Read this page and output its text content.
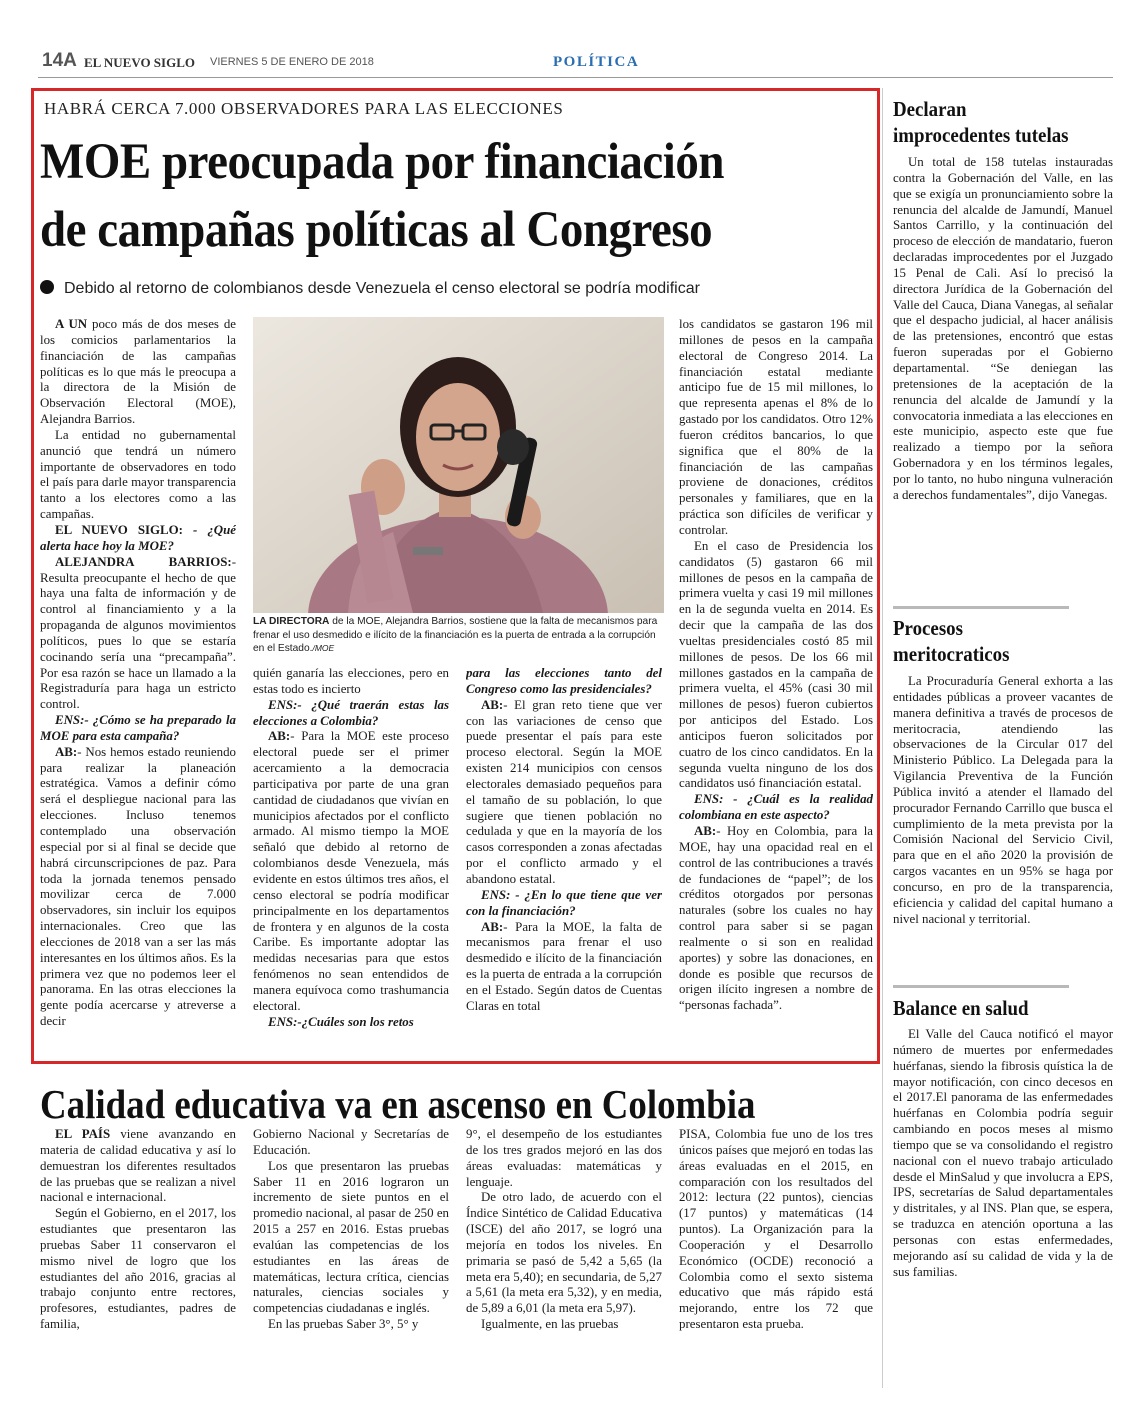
14A EL NUEVO SIGLO VIERNES 5 DE ENERO DE 2018	POLÍTICA
HABRÁ CERCA 7.000 OBSERVADORES PARA LAS ELECCIONES
MOE preocupada por financiación
de campañas políticas al Congreso
Debido al retorno de colombianos desde Venezuela el censo electoral se podría modificar

A UN poco más de dos meses de los comicios parlamentarios la financiación de las campañas políticas es lo que más le preocupa a la directora de la Misión de Observación Electoral (MOE), Alejandra Barrios.

La entidad no gubernamental anunció que tendrá un número importante de observadores en todo el país para darle mayor transparencia tanto a los electores como a las campañas.

EL NUEVO SIGLO: - ¿Qué alerta hace hoy la MOE?

ALEJANDRA BARRIOS:-Resulta preocupante el hecho de que haya una falta de información y de control al financiamiento y a la propaganda de algunos movimientos políticos, pues lo que se estaría cocinando sería una “precampaña”. Por esa razón se hace un llamado a la Registraduría para haga un estricto control.

ENS:- ¿Cómo se ha preparado la MOE para esta campaña?

AB:- Nos hemos estado reuniendo para realizar la planeación estratégica. Vamos a definir cómo será el despliegue nacional para las elecciones. Incluso tenemos contemplado una observación especial por si al final se decide que habrá circunscripciones de paz. Para toda la jornada tenemos pensado movilizar cerca de 7.000 observadores, sin incluir los equipos internacionales. Creo que las elecciones de 2018 van a ser las más interesantes en los últimos años. Es la primera vez que no podemos leer el panorama. En las otras elecciones la gente podía acercarse y atreverse a decir

LA DIRECTORA de la MOE, Alejandra Barrios, sostiene que la falta de mecanismos para frenar el uso desmedido e ilícito de la financiación es la puerta de entrada a la corrupción en el Estado./MOE

quién ganaría las elecciones, pero en estas todo es incierto

ENS:- ¿Qué traerán estas las elecciones a Colombia?

AB:- Para la MOE este proceso electoral puede ser el primer acercamiento a la democracia participativa por parte de una gran cantidad de ciudadanos que vivían en municipios afectados por el conflicto armado. Al mismo tiempo la MOE señaló que debido al retorno de colombianos desde Venezuela, más evidente en estos últimos tres años, el censo electoral se podría modificar principalmente en los departamentos de frontera y en algunos de la costa Caribe. Es importante adoptar las medidas necesarias para que estos fenómenos no sean entendidos de manera equívoca como trashumancia electoral.

ENS:-¿Cuáles son los retos

para las elecciones tanto del Congreso como las presidenciales?

AB:- El gran reto tiene que ver con las variaciones de censo que puede presentar el país para este proceso electoral. Según la MOE existen 214 municipios con censos electorales demasiado pequeños para el tamaño de su población, lo que sugiere que tienen población no cedulada y que en la mayoría de los casos corresponden a zonas afectadas por el conflicto armado y el abandono estatal.

ENS: - ¿En lo que tiene que ver con la financiación?

AB:- Para la MOE, la falta de mecanismos para frenar el uso desmedido e ilícito de la financiación es la puerta de entrada a la corrupción en el Estado. Según datos de Cuentas Claras en total

los candidatos se gastaron 196 mil millones de pesos en la campaña electoral de Congreso 2014. La financiación estatal mediante anticipo fue de 15 mil millones, lo que representa apenas el 8% de lo gastado por los candidatos. Otro 12% fueron créditos bancarios, lo que significa que el 80% de la financiación de las campañas proviene de donaciones, créditos personales y familiares, que en la práctica son difíciles de verificar y controlar.

En el caso de Presidencia los candidatos (5) gastaron 66 mil millones de pesos en la campaña de primera vuelta y casi 19 mil millones en la de segunda vuelta en 2014. Es decir que la campaña de las dos vueltas presidenciales costó 85 mil millones de pesos. De los 66 mil millones gastados en la campaña de primera vuelta, el 45% (casi 30 mil millones de pesos) fueron cubiertos por anticipos del Estado. Los anticipos fueron solicitados por cuatro de los cinco candidatos. En la segunda vuelta ninguno de los dos candidatos usó financiación estatal.

ENS: - ¿Cuál es la realidad colombiana en este aspecto?

AB:- Hoy en Colombia, para la MOE, hay una opacidad real en el control de las contribuciones a través de fundaciones de “papel”; de los créditos otorgados por personas naturales (sobre los cuales no hay control para saber si se pagan realmente o si son en realidad aportes) y sobre las donaciones, en donde es posible que recursos de origen ilícito ingresen a nombre de “personas fachada”.

Declaran
improcedentes tutelas

Un total de 158 tutelas instauradas contra la Gobernación del Valle, en las que se exigía un pronunciamiento sobre la renuncia del alcalde de Jamundí, Manuel Santos Carrillo, y la continuación del proceso de elección de mandatario, fueron declaradas improcedentes por el Juzgado 15 Penal de Cali. Así lo precisó la directora Jurídica de la Gobernación del Valle del Cauca, Diana Vanegas, al señalar que el despacho judicial, al hacer análisis de las pretensiones, encontró que estas fueron superadas por el Gobierno departamental. “Se deniegan las pretensiones de la aceptación de la renuncia del alcalde de Jamundí y la convocatoria inmediata a las elecciones en este municipio, aspecto este que fue realizado a tiempo por la señora Gobernadora y en los términos legales, por lo tanto, no hubo ninguna vulneración a derechos fundamentales”, dijo Vanegas.

Procesos
meritocraticos

La Procuraduría General exhorta a las entidades públicas a proveer vacantes de manera definitiva a través de procesos de meritocracia, atendiendo las observaciones de la Circular 017 del Ministerio Público. La Delegada para la Vigilancia Preventiva de la Función Pública invitó a atender el llamado del procurador Fernando Carrillo que busca el cumplimiento de la meta prevista por la Comisión Nacional del Servicio Civil, para que en el año 2020 la provisión de cargos vacantes en un 95% se haga por concurso, en pro de la transparencia, eficiencia y calidad del capital humano a nivel nacional y territorial.

Balance en salud

El Valle del Cauca notificó el mayor número de muertes por enfermedades huérfanas, siendo la fibrosis quística la de mayor notificación, con cinco decesos en el 2017.El panorama de las enfermedades huérfanas en Colombia podría seguir cambiando en pocos meses al mismo tiempo que se va consolidando el registro nacional con el nuevo trabajo articulado desde el MinSalud y que involucra a EPS, IPS, secretarías de Salud departamentales y distritales, y al INS. Plan que, se espera, se traduzca en atención oportuna a las personas con estas enfermedades, mejorando así su calidad de vida y la de sus familias.

Calidad educativa va en ascenso en Colombia

EL PAÍS viene avanzando en materia de calidad educativa y así lo demuestran los diferentes resultados de las pruebas que se realizan a nivel nacional e internacional.

Según el Gobierno, en el 2017, los estudiantes que presentaron las pruebas Saber 11 conservaron el mismo nivel de logro que los estudiantes del año 2016, gracias al trabajo conjunto entre rectores, profesores, estudiantes, padres de familia,

Gobierno Nacional y Secretarías de Educación.

Los que presentaron las pruebas Saber 11 en 2016 lograron un incremento de siete puntos en el promedio nacional, al pasar de 250 en 2015 a 257 en 2016. Estas pruebas evalúan las competencias de los estudiantes en las áreas de matemáticas, lectura crítica, ciencias naturales, ciencias sociales y competencias ciudadanas e inglés.

En las pruebas Saber 3°, 5° y

9°, el desempeño de los estudiantes de los tres grados mejoró en las dos áreas evaluadas: matemáticas y lenguaje.

De otro lado, de acuerdo con el Índice Sintético de Calidad Educativa (ISCE) del año 2017, se logró una mejoría en todos los niveles. En primaria se pasó de 5,42 a 5,65 (la meta era 5,40); en secundaria, de 5,27 a 5,61 (la meta era 5,32), y en media, de 5,89 a 6,01 (la meta era 5,97).

Igualmente, en las pruebas

PISA, Colombia fue uno de los tres únicos países que mejoró en todas las áreas evaluadas en el 2015, en comparación con los resultados del 2012: lectura (22 puntos), ciencias (17 puntos) y matemáticas (14 puntos). La Organización para la Cooperación y el Desarrollo Económico (OCDE) reconoció a Colombia como el sexto sistema educativo que más rápido está mejorando, entre los 72 que presentaron esta prueba.
